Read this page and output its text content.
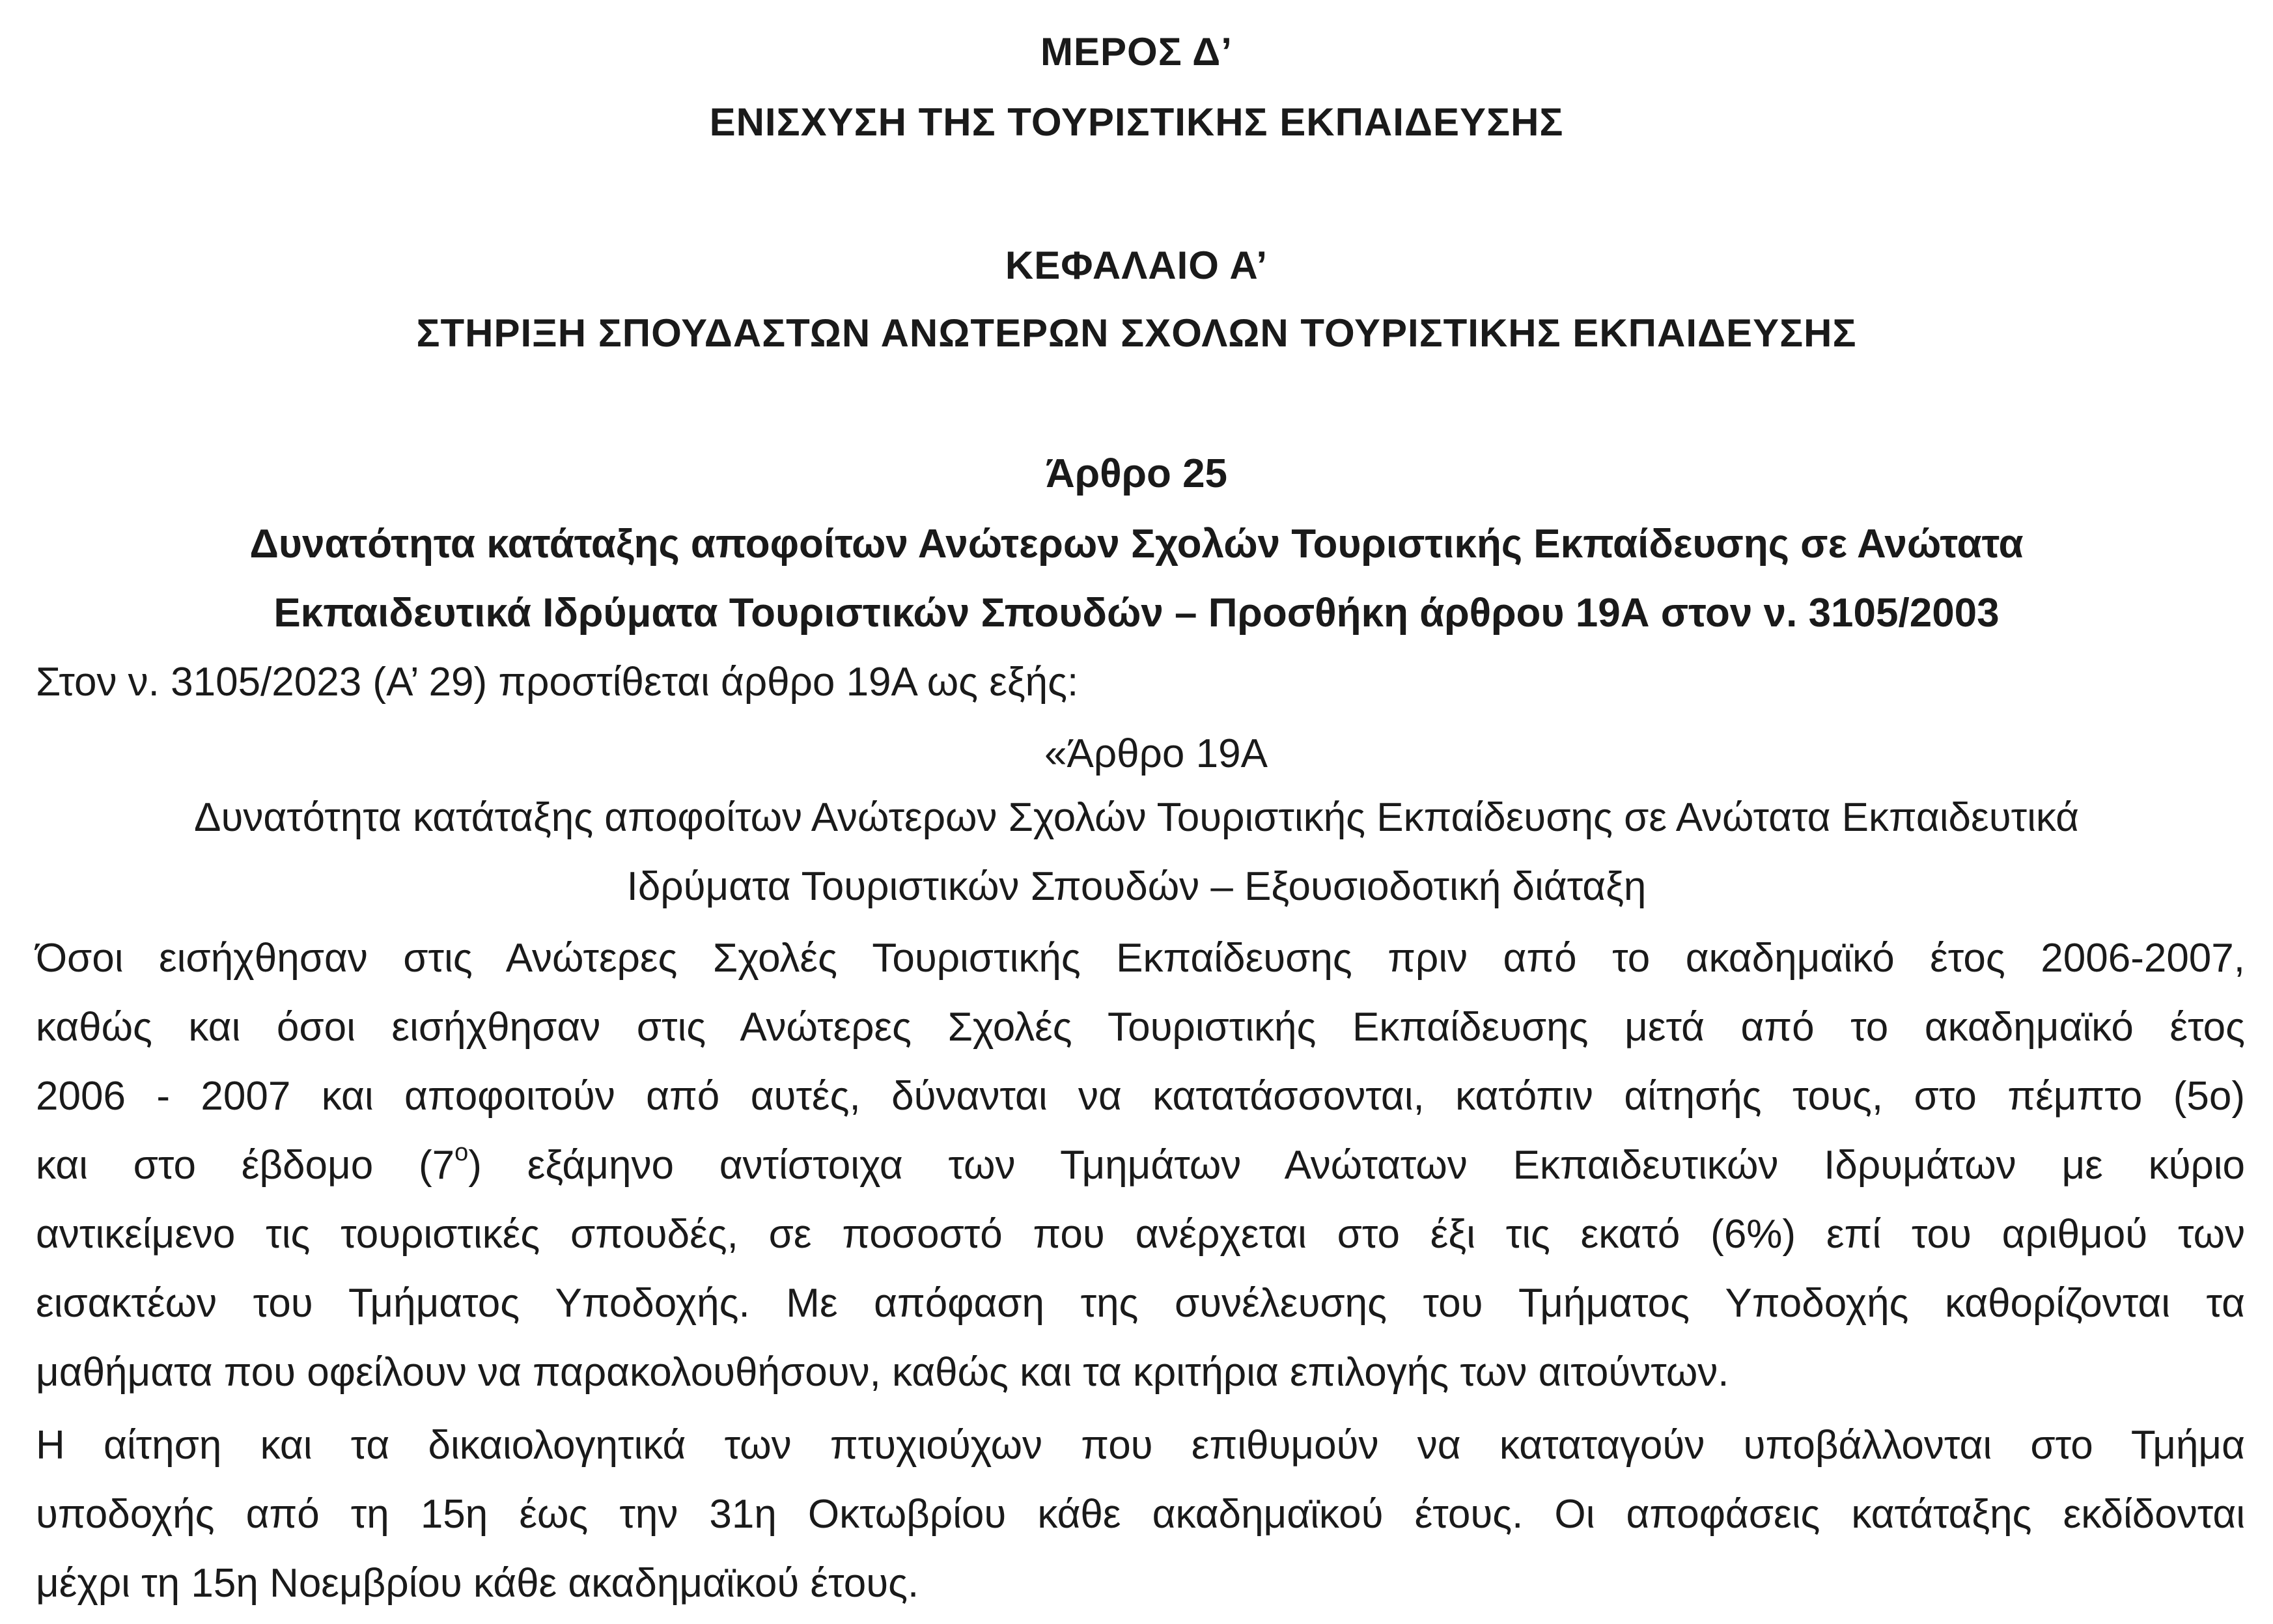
ΜΕΡΟΣ Δ’
ΕΝΙΣΧΥΣΗ ΤΗΣ ΤΟΥΡΙΣΤΙΚΗΣ ΕΚΠΑΙΔΕΥΣΗΣ
ΚΕΦΑΛΑΙΟ Α’
ΣΤΗΡΙΞΗ ΣΠΟΥΔΑΣΤΩΝ ΑΝΩΤΕΡΩΝ ΣΧΟΛΩΝ ΤΟΥΡΙΣΤΙΚΗΣ ΕΚΠΑΙΔΕΥΣΗΣ
Άρθρο 25
Δυνατότητα κατάταξης αποφοίτων Ανώτερων Σχολών Τουριστικής Εκπαίδευσης σε Ανώτατα
Εκπαιδευτικά Ιδρύματα Τουριστικών Σπουδών – Προσθήκη άρθρου 19Α στον ν. 3105/2003
Στον ν. 3105/2023 (Α’ 29) προστίθεται άρθρο 19Α ως εξής:
«Άρθρο 19Α
Δυνατότητα κατάταξης αποφοίτων Ανώτερων Σχολών Τουριστικής Εκπαίδευσης σε Ανώτατα Εκπαιδευτικά
Ιδρύματα Τουριστικών Σπουδών – Εξουσιοδοτική διάταξη
Όσοι εισήχθησαν στις Ανώτερες Σχολές Τουριστικής Εκπαίδευσης πριν από το ακαδημαϊκό έτος 2006-2007,
καθώς και όσοι εισήχθησαν στις Ανώτερες Σχολές Τουριστικής Εκπαίδευσης μετά από το ακαδημαϊκό έτος
2006 - 2007 και αποφοιτούν από αυτές, δύνανται να κατατάσσονται, κατόπιν αίτησής τους, στο πέμπτο (5ο)
και στο έβδομο $(7^o)$ εξάμηνο αντίστοιχα των Τμημάτων Ανώτατων Εκπαιδευτικών Ιδρυμάτων με κύριο
αντικείμενο τις τουριστικές σπουδές, σε ποσοστό που ανέρχεται στο έξι τις εκατό (6%) επί του αριθμού των
εισακτέων του Τμήματος Υποδοχής. Με απόφαση της συνέλευσης του Τμήματος Υποδοχής καθορίζονται τα
μαθήματα που οφείλουν να παρακολουθήσουν, καθώς και τα κριτήρια επιλογής των αιτούντων.
Η αίτηση και τα δικαιολογητικά των πτυχιούχων που επιθυμούν να καταταγούν υποβάλλονται στο Τμήμα
υποδοχής από τη 15η έως την 31η Οκτωβρίου κάθε ακαδημαϊκού έτους. Οι αποφάσεις κατάταξης εκδίδονται
μέχρι τη 15η Νοεμβρίου κάθε ακαδημαϊκού έτους.
